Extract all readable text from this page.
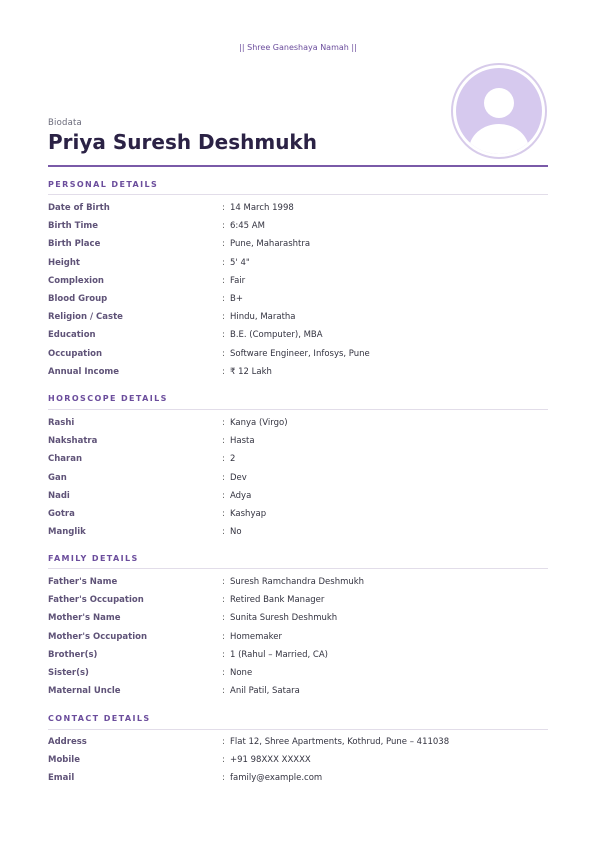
|| Shree Ganeshaya Namah ||
Biodata
Priya Suresh Deshmukh
PERSONAL DETAILS
Date of Birth	: 14 March 1998
Birth Time	: 6:45 AM
Birth Place	: Pune, Maharashtra
Height	: 5' 4"
Complexion	: Fair
Blood Group	: B+
Religion / Caste	: Hindu, Maratha
Education	: B.E. (Computer), MBA
Occupation	: Software Engineer, Infosys, Pune
Annual Income	: ₹ 12 Lakh
HOROSCOPE DETAILS
Rashi	: Kanya (Virgo)
Nakshatra	: Hasta
Charan	: 2
Gan	: Dev
Nadi	: Adya
Gotra	: Kashyap
Manglik	: No
FAMILY DETAILS
Father's Name	: Suresh Ramchandra Deshmukh
Father's Occupation	: Retired Bank Manager
Mother's Name	: Sunita Suresh Deshmukh
Mother's Occupation	: Homemaker
Brother(s)	: 1 (Rahul – Married, CA)
Sister(s)	: None
Maternal Uncle	: Anil Patil, Satara
CONTACT DETAILS
Address	: Flat 12, Shree Apartments, Kothrud, Pune – 411038
Mobile	: +91 98XXX XXXXX
Email	: family@example.com
